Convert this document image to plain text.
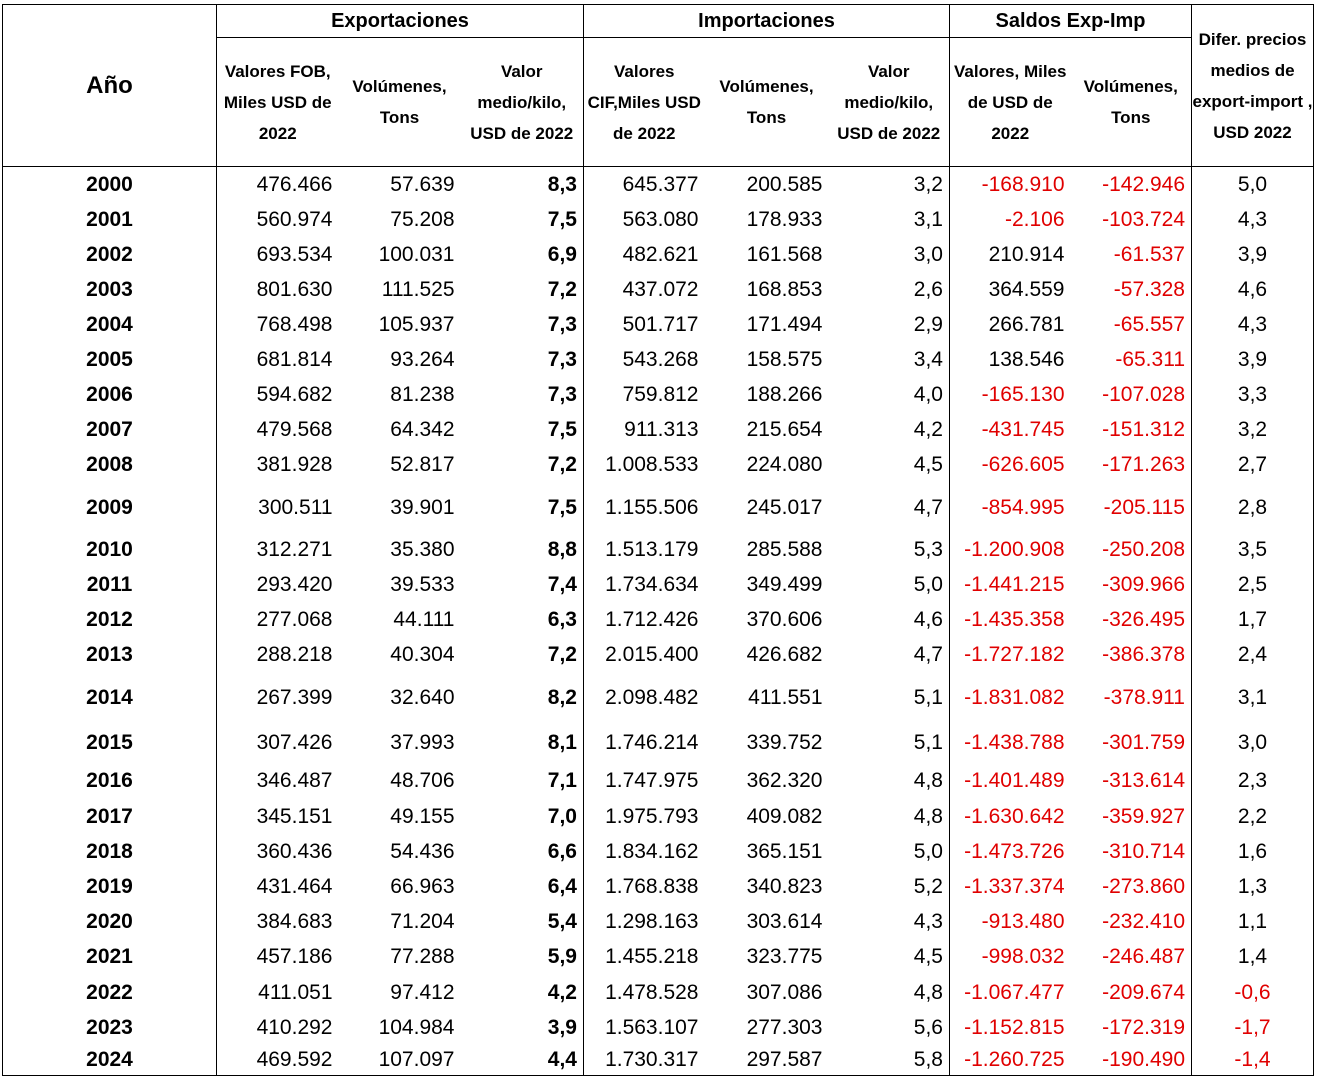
Año	Exportaciones			Importaciones			Saldos Exp-Imp		Difer. precios medios de export-import , USD 2022
	Valores FOB, Miles USD de 2022	Volúmenes, Tons	Valor medio/kilo, USD de 2022	Valores CIF,Miles USD de 2022	Volúmenes, Tons	Valor medio/kilo, USD de 2022	Valores, Miles de USD de 2022	Volúmenes, Tons	
2000	476.466	57.639	8,3	645.377	200.585	3,2	-168.910	-142.946	5,0
2001	560.974	75.208	7,5	563.080	178.933	3,1	-2.106	-103.724	4,3
2002	693.534	100.031	6,9	482.621	161.568	3,0	210.914	-61.537	3,9
2003	801.630	111.525	7,2	437.072	168.853	2,6	364.559	-57.328	4,6
2004	768.498	105.937	7,3	501.717	171.494	2,9	266.781	-65.557	4,3
2005	681.814	93.264	7,3	543.268	158.575	3,4	138.546	-65.311	3,9
2006	594.682	81.238	7,3	759.812	188.266	4,0	-165.130	-107.028	3,3
2007	479.568	64.342	7,5	911.313	215.654	4,2	-431.745	-151.312	3,2
2008	381.928	52.817	7,2	1.008.533	224.080	4,5	-626.605	-171.263	2,7
2009	300.511	39.901	7,5	1.155.506	245.017	4,7	-854.995	-205.115	2,8
2010	312.271	35.380	8,8	1.513.179	285.588	5,3	-1.200.908	-250.208	3,5
2011	293.420	39.533	7,4	1.734.634	349.499	5,0	-1.441.215	-309.966	2,5
2012	277.068	44.111	6,3	1.712.426	370.606	4,6	-1.435.358	-326.495	1,7
2013	288.218	40.304	7,2	2.015.400	426.682	4,7	-1.727.182	-386.378	2,4
2014	267.399	32.640	8,2	2.098.482	411.551	5,1	-1.831.082	-378.911	3,1
2015	307.426	37.993	8,1	1.746.214	339.752	5,1	-1.438.788	-301.759	3,0
2016	346.487	48.706	7,1	1.747.975	362.320	4,8	-1.401.489	-313.614	2,3
2017	345.151	49.155	7,0	1.975.793	409.082	4,8	-1.630.642	-359.927	2,2
2018	360.436	54.436	6,6	1.834.162	365.151	5,0	-1.473.726	-310.714	1,6
2019	431.464	66.963	6,4	1.768.838	340.823	5,2	-1.337.374	-273.860	1,3
2020	384.683	71.204	5,4	1.298.163	303.614	4,3	-913.480	-232.410	1,1
2021	457.186	77.288	5,9	1.455.218	323.775	4,5	-998.032	-246.487	1,4
2022	411.051	97.412	4,2	1.478.528	307.086	4,8	-1.067.477	-209.674	-0,6
2023	410.292	104.984	3,9	1.563.107	277.303	5,6	-1.152.815	-172.319	-1,7
2024	469.592	107.097	4,4	1.730.317	297.587	5,8	-1.260.725	-190.490	-1,4
